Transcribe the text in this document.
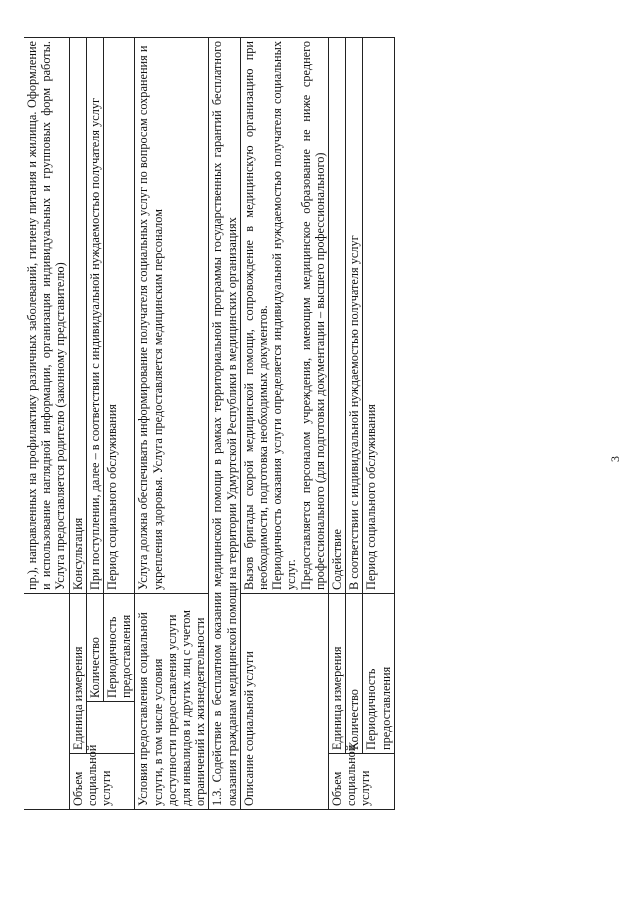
3
			пр.), направленных на профилактику различных заболеваний, гигиену питания и жилища. Оформление и использование наглядной информации, организация индивидуальных и групповых форм работы. Услуга предоставляется родителю (законному представителю)
Объем социальной услуги	Единица измерения		Консультация
		Количество	При поступлении, далее – в соответствии с индивидуальной нуждаемостью получателя услуг
		Периодичность предоставления	Период социального обслуживания
Условия предоставления социальной услуги, в том числе условия доступности предоставления услуги для инвалидов и других лиц с учетом ограничений их жизнедеятельности			Услуга должна обеспечивать информирование получателя социальных услуг по вопросам сохранения и укрепления здоровья. Услуга предоставляется медицинским персоналом
1.3. Содействие в бесплатном оказании медицинской помощи в рамках территориальной программы государственных гарантий бесплатного оказания гражданам медицинской помощи на территории Удмуртской Республики в медицинских организациях			
Описание социальной услуги			Вызов бригады скорой медицинской помощи, сопровождение в медицинскую организацию при необходимости, подготовка необходимых документов. Периодичность оказания услуги определяется индивидуальной нуждаемостью получателя социальных услуг. Предоставляется персоналом учреждения, имеющим медицинское образование не ниже среднего профессионального (для подготовки документации – высшего профессионального)

Объем социальной услуги	Единица измерения		Содействие
	Количество		В соответствии с индивидуальной нуждаемостью получателя услуг
	Периодичность предоставления		Период социального обслуживания
